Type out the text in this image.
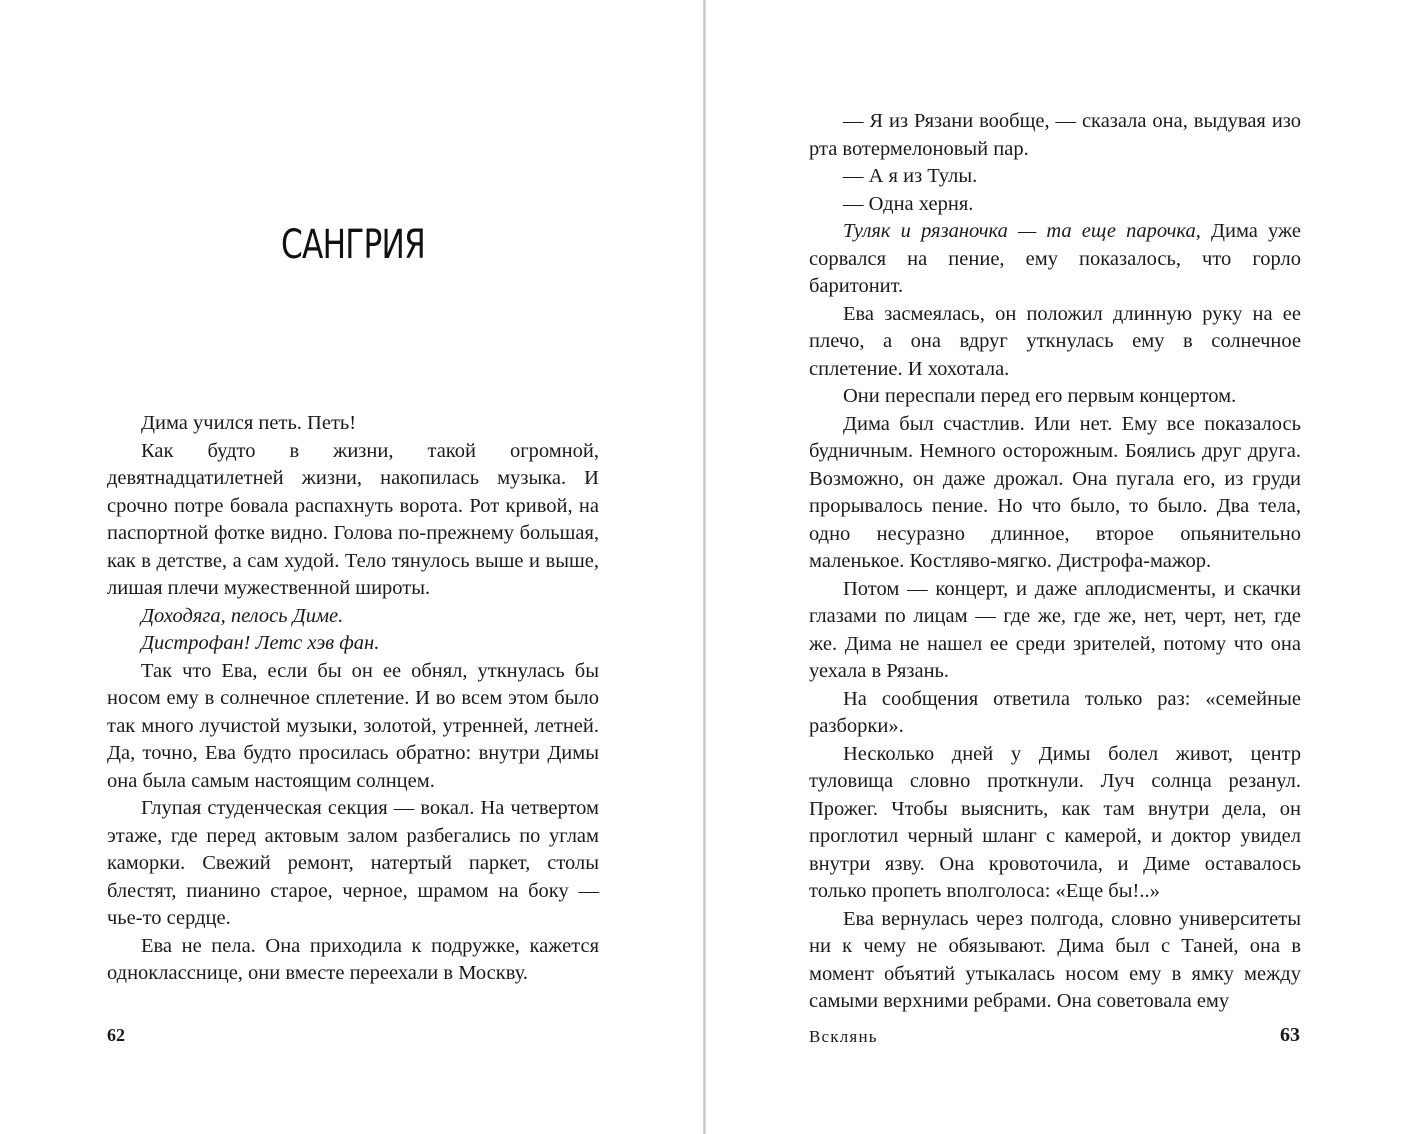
САНГРИЯ

Дима учился петь. Петь!

Как будто в жизни, такой огромной, девятнадцатилетней жизни, накопилась музыка. И срочно потре бовала распахнуть ворота. Рот кривой, на паспортной фотке видно. Голова по-прежнему большая, как в детстве, а сам худой. Тело тянулось выше и выше, лишая плечи мужественной широты.

Доходяга, пелось Диме.

Дистрофан! Летс хэв фан.

Так что Ева, если бы он ее обнял, уткнулась бы носом ему в солнечное сплетение. И во всем этом было так много лучистой музыки, золотой, утренней, летней. Да, точно, Ева будто просилась обратно: внутри Димы она была самым настоящим солнцем.

Глупая студенческая секция — вокал. На четвертом этаже, где перед актовым залом разбегались по углам каморки. Свежий ремонт, натертый паркет, столы блестят, пианино старое, черное, шрамом на боку — чье-то сердце.

Ева не пела. Она приходила к подружке, кажется однокласснице, они вместе переехали в Москву.

62

— Я из Рязани вообще, — сказала она, выдувая изо рта вотермелоновый пар.

— А я из Тулы.

— Одна херня.

Туляк и рязаночка — та еще парочка, Дима уже сорвался на пение, ему показалось, что горло баритонит.

Ева засмеялась, он положил длинную руку на ее плечо, а она вдруг уткнулась ему в солнечное сплетение. И хохотала.

Они переспали перед его первым концертом.

Дима был счастлив. Или нет. Ему все показалось будничным. Немного осторожным. Боялись друг друга. Возможно, он даже дрожал. Она пугала его, из груди прорывалось пение. Но что было, то было. Два тела, одно несуразно длинное, второе опьянительно маленькое. Костляво-мягко. Дистрофа-мажор.

Потом — концерт, и даже аплодисменты, и скачки глазами по лицам — где же, где же, нет, черт, нет, где же. Дима не нашел ее среди зрителей, потому что она уехала в Рязань.

На сообщения ответила только раз: «семейные разборки».

Несколько дней у Димы болел живот, центр туловища словно проткнули. Луч солнца резанул. Прожег. Чтобы выяснить, как там внутри дела, он проглотил черный шланг с камерой, и доктор увидел внутри язву. Она кровоточила, и Диме оставалось только пропеть вполголоса: «Еще бы!..»

Ева вернулась через полгода, словно университеты ни к чему не обязывают. Дима был с Таней, она в момент объятий утыкалась носом ему в ямку между самыми верхними ребрами. Она советовала ему

Всклянь	63
